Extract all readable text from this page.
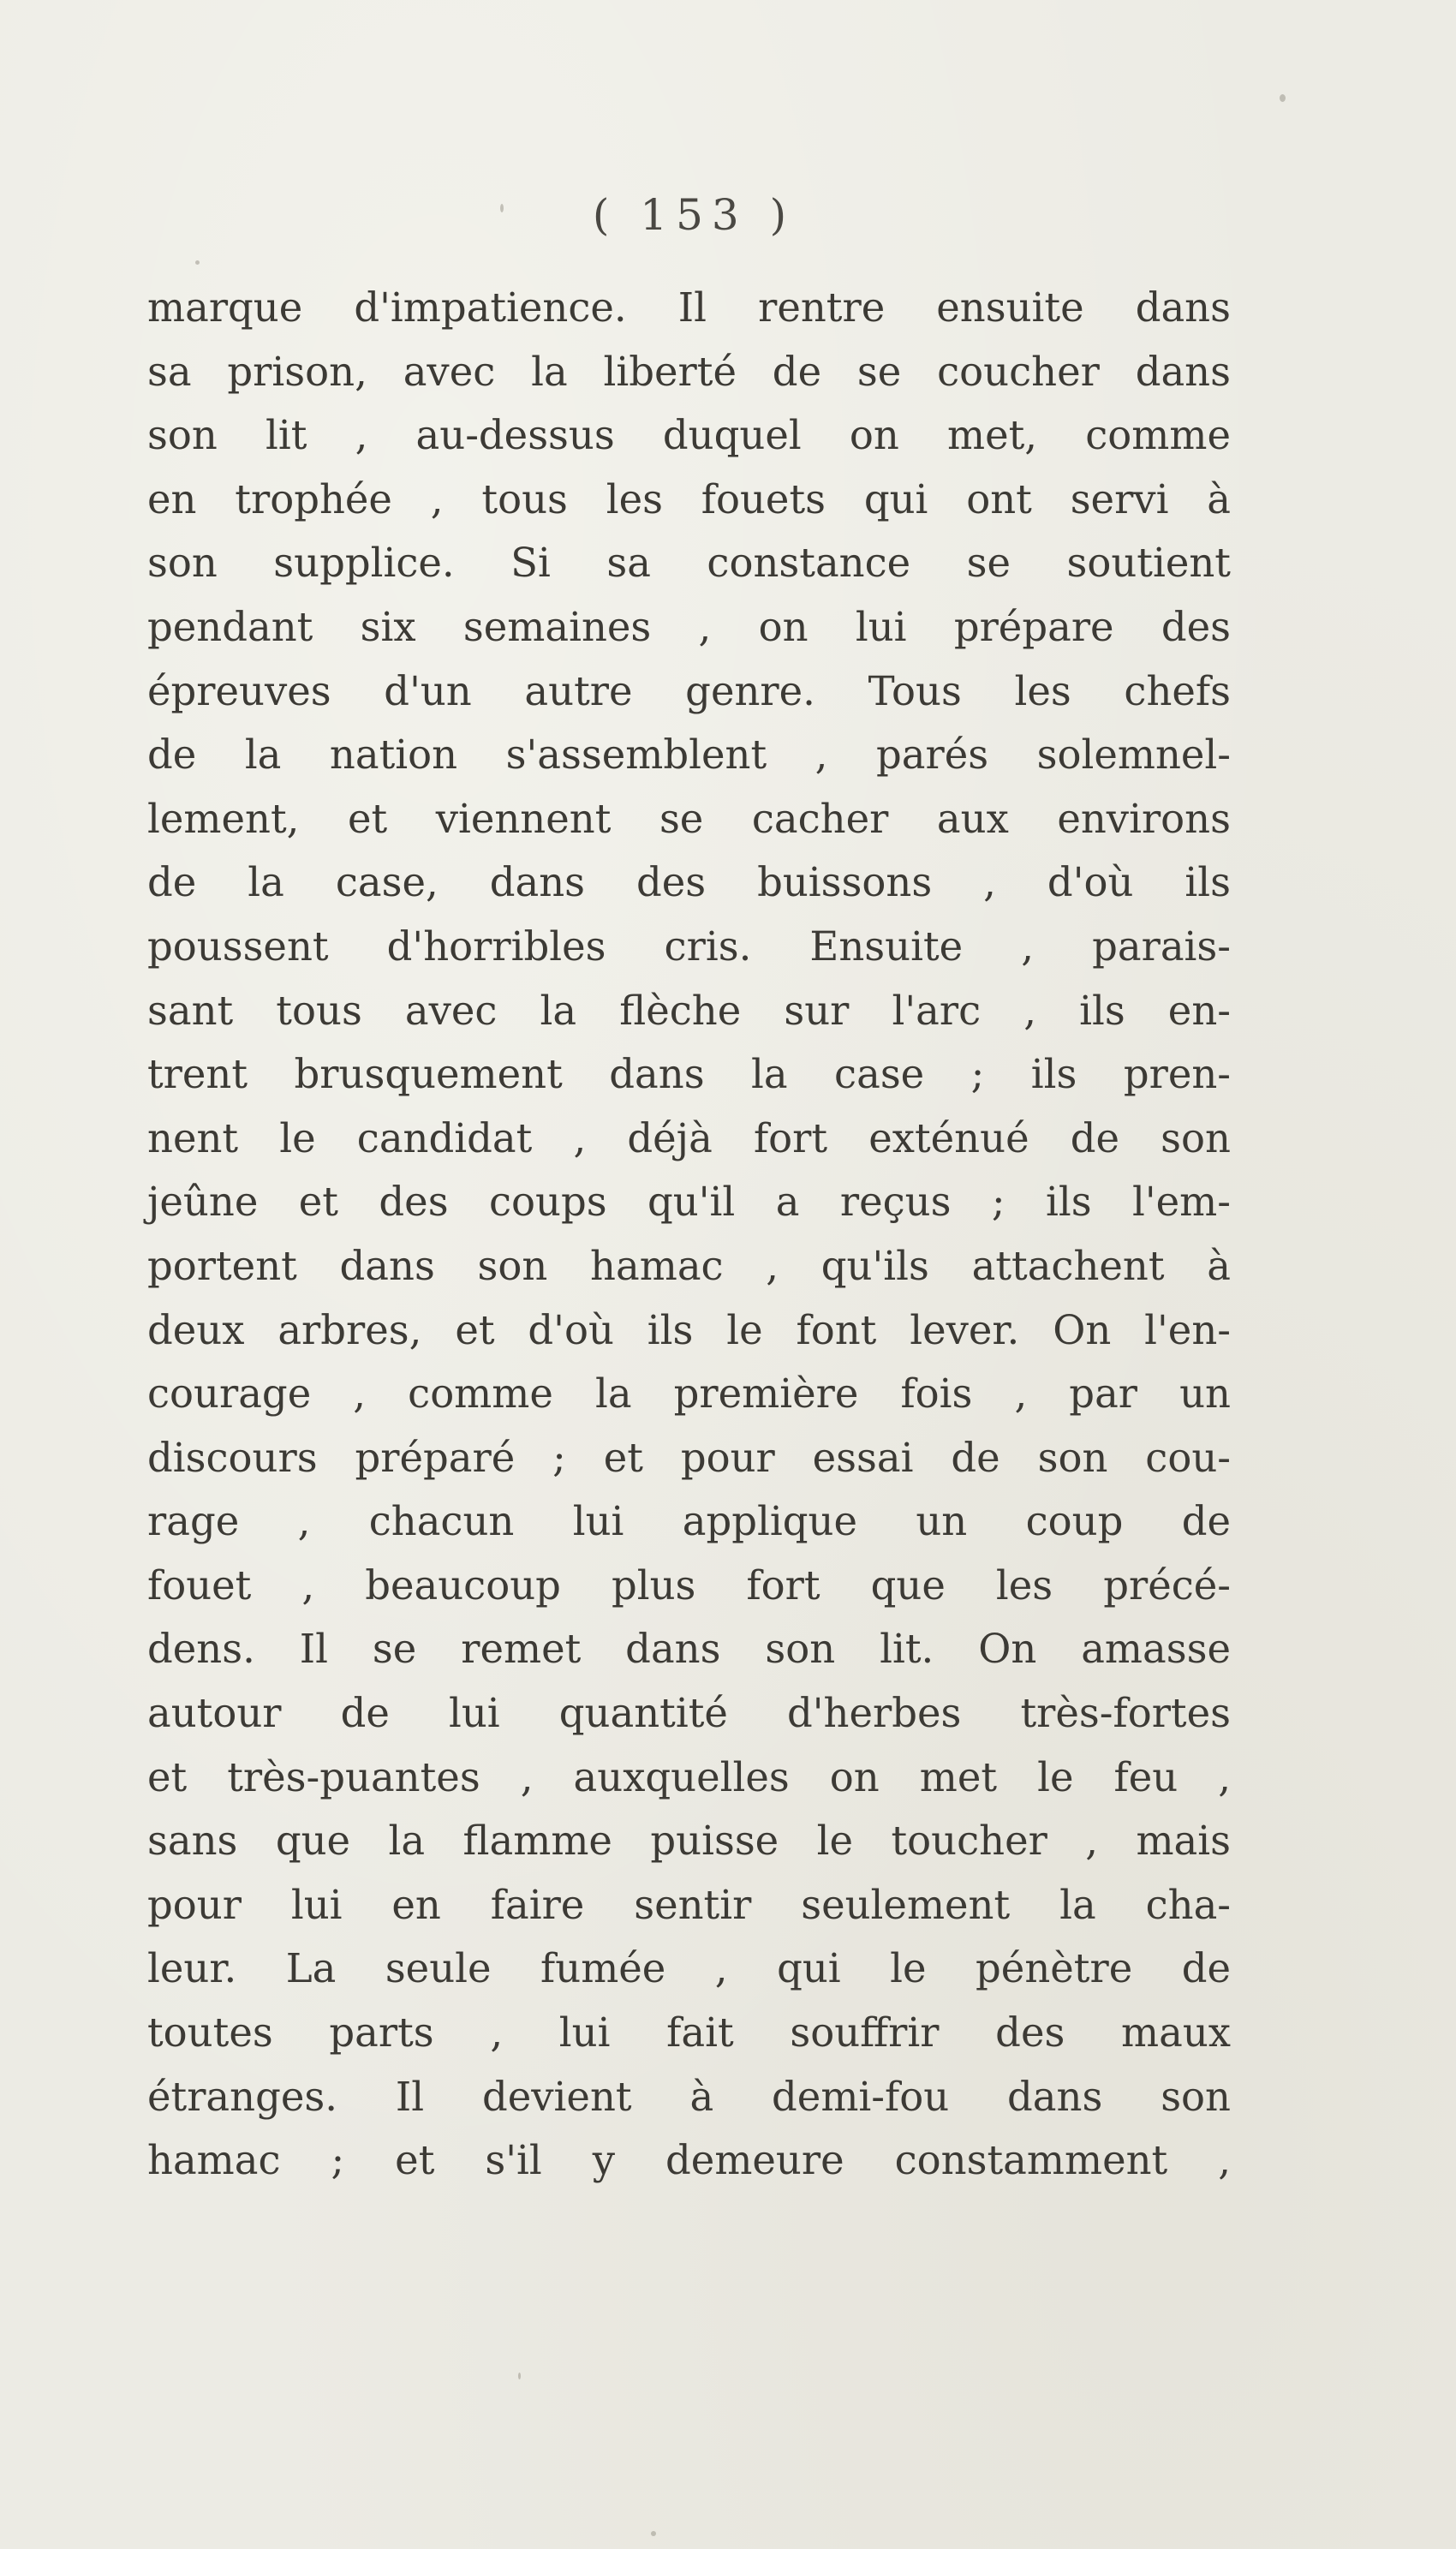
( 153 )
marque d'impatience. Il rentre ensuite dans
sa prison, avec la liberté de se coucher dans
son lit , au-dessus duquel on met, comme
en trophée , tous les fouets qui ont servi à
son supplice. Si sa constance se soutient
pendant six semaines , on lui prépare des
épreuves d'un autre genre. Tous les chefs
de la nation s'assemblent , parés solemnel-
lement, et viennent se cacher aux environs
de la case, dans des buissons , d'où ils
poussent d'horribles cris. Ensuite , parais-
sant tous avec la flèche sur l'arc , ils en-
trent brusquement dans la case ; ils pren-
nent le candidat , déjà fort exténué de son
jeûne et des coups qu'il a reçus ; ils l'em-
portent dans son hamac , qu'ils attachent à
deux arbres, et d'où ils le font lever. On l'en-
courage , comme la première fois , par un
discours préparé ; et pour essai de son cou-
rage , chacun lui applique un coup de
fouet , beaucoup plus fort que les précé-
dens. Il se remet dans son lit. On amasse
autour de lui quantité d'herbes très-fortes
et très-puantes , auxquelles on met le feu ,
sans que la flamme puisse le toucher , mais
pour lui en faire sentir seulement la cha-
leur. La seule fumée , qui le pénètre de
toutes parts , lui fait souffrir des maux
étranges. Il devient à demi-fou dans son
hamac ; et s'il y demeure constamment ,
